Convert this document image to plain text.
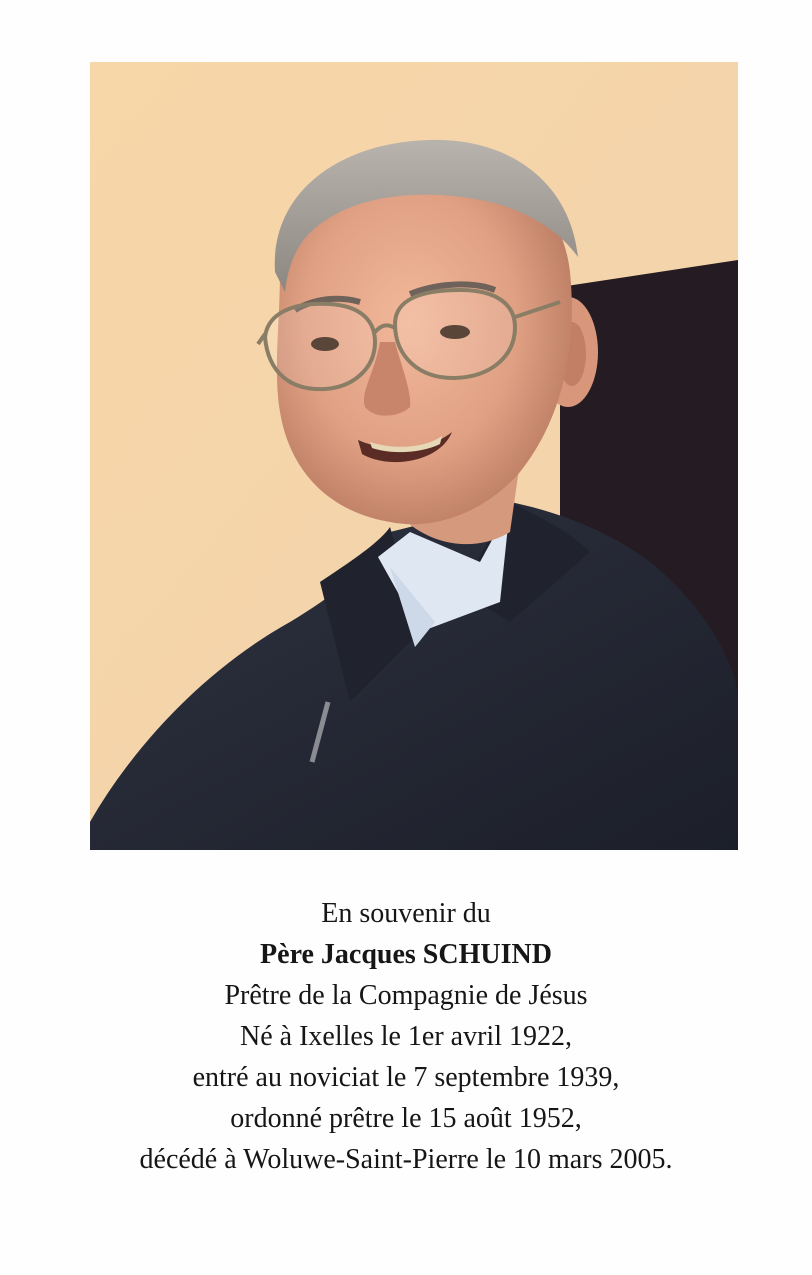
En souvenir du
Père Jacques SCHUIND
Prêtre de la Compagnie de Jésus
Né à Ixelles le 1er avril 1922,
entré au noviciat le 7 septembre 1939,
ordonné prêtre le 15 août 1952,
décédé à Woluwe-Saint-Pierre le 10 mars 2005.
